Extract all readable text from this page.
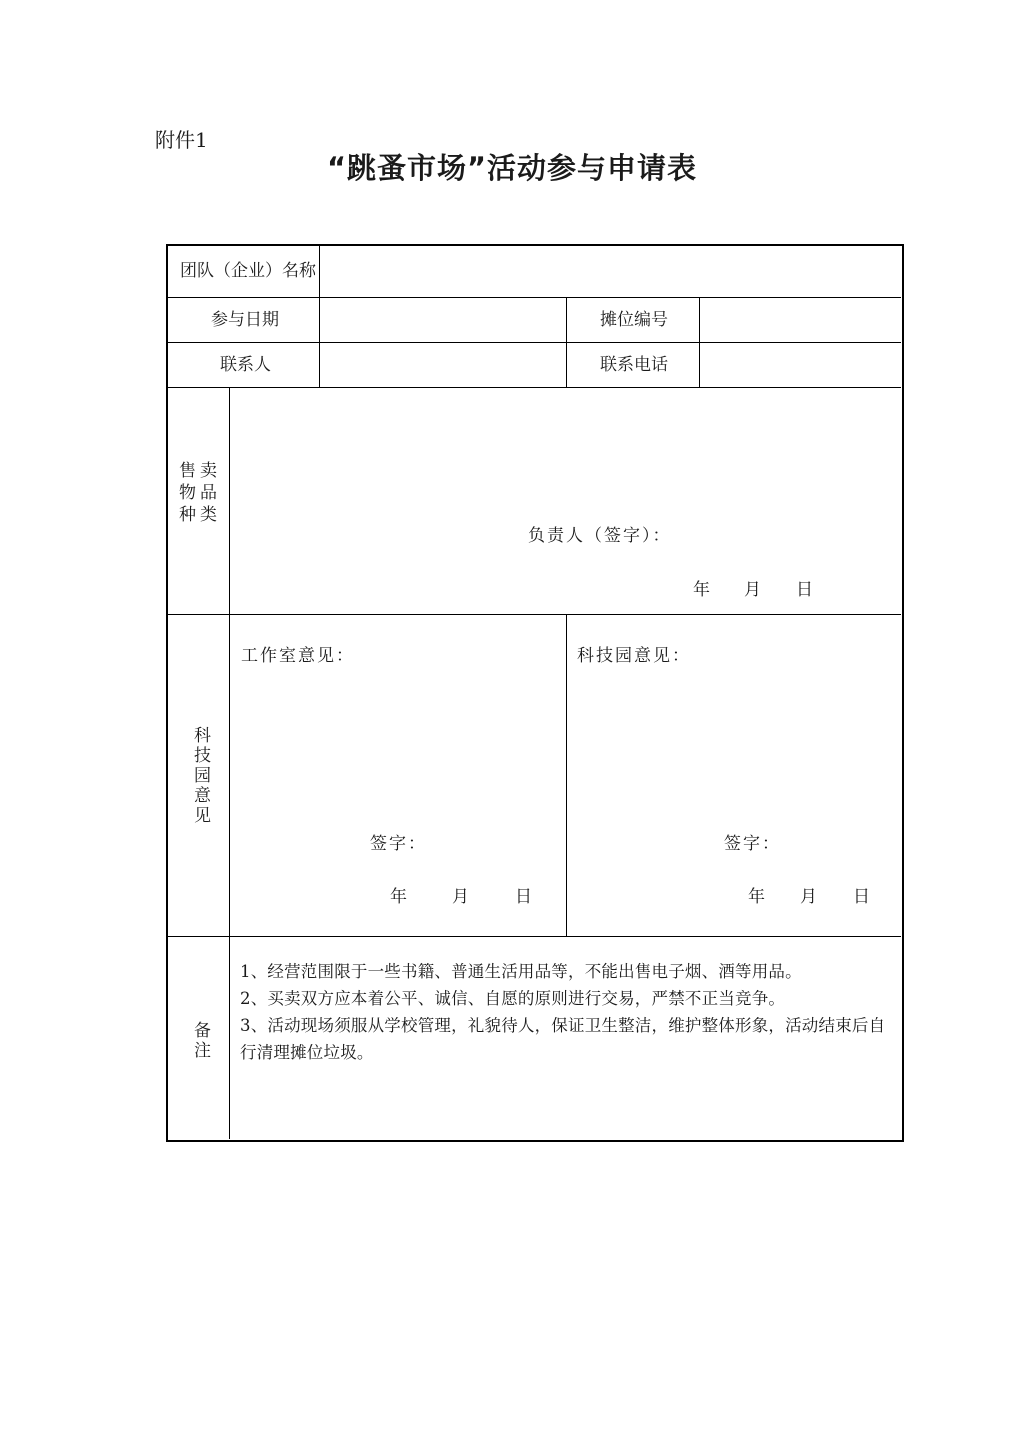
附件1
“跳蚤市场”活动参与申请表
团队（企业）名称
参与日期	摊位编号
联系人	联系电话
售卖
物品
种类
负责人（签字）：
年 月 日
科技园意见
工作室意见：
签字：
年	月	日
科技园意见：
签字：
年 月 日
备注

1、经营范围限于一些书籍、普通生活用品等，不能出售电子烟、酒等用品。

2、买卖双方应本着公平、诚信、自愿的原则进行交易，严禁不正当竞争。

3、活动现场须服从学校管理，礼貌待人，保证卫生整洁，维护整体形象，活动结束后自行清理摊位垃圾。
